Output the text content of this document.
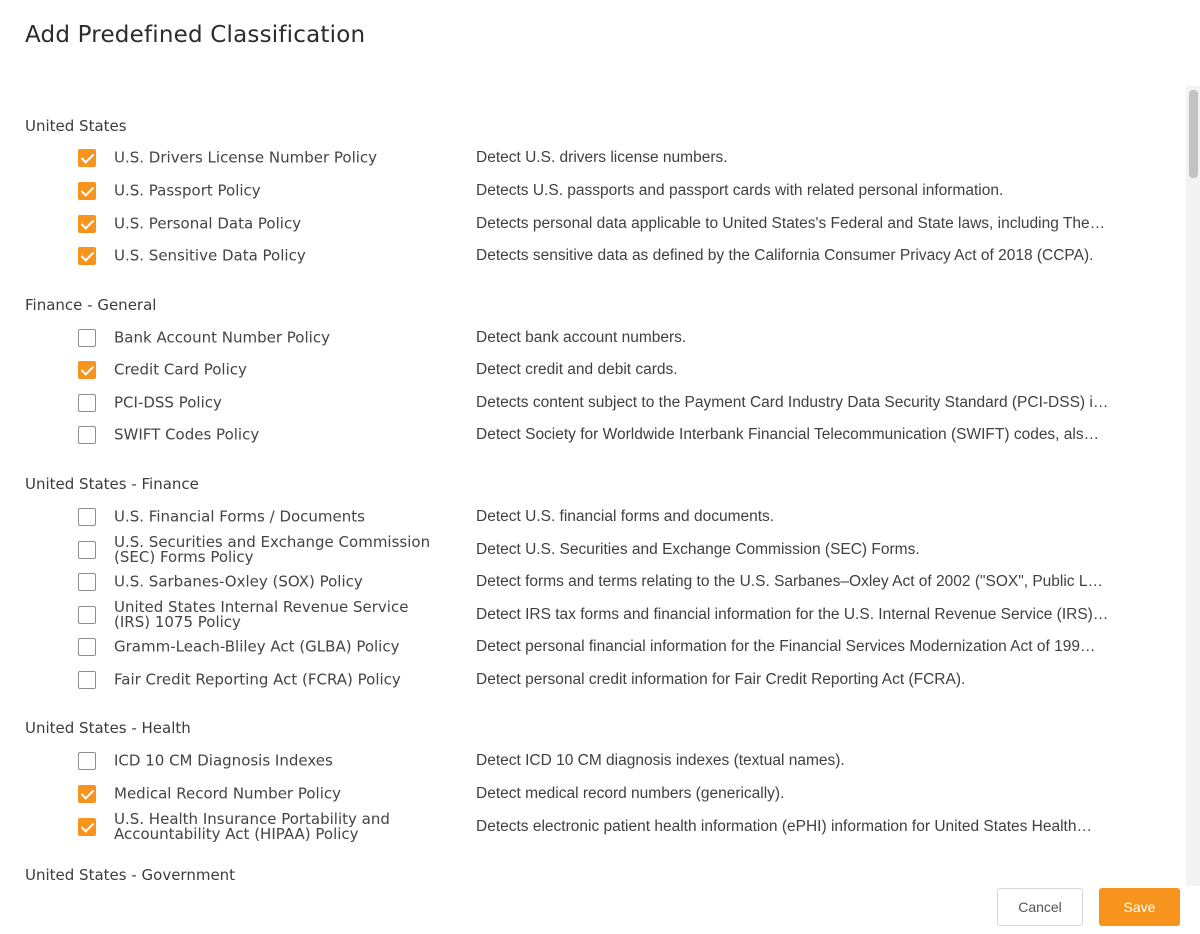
Add Predefined Classification
United States
U.S. Drivers License Number Policy	Detect U.S. drivers license numbers.
U.S. Passport Policy	Detects U.S. passports and passport cards with related personal information.
U.S. Personal Data Policy	Detects personal data applicable to United States's Federal and State laws, including The…
U.S. Sensitive Data Policy	Detects sensitive data as defined by the California Consumer Privacy Act of 2018 (CCPA).
Finance - General
Bank Account Number Policy	Detect bank account numbers.
Credit Card Policy	Detect credit and debit cards.
PCI-DSS Policy	Detects content subject to the Payment Card Industry Data Security Standard (PCI-DSS) i…
SWIFT Codes Policy	Detect Society for Worldwide Interbank Financial Telecommunication (SWIFT) codes, als…
United States - Finance
U.S. Financial Forms / Documents	Detect U.S. financial forms and documents.
U.S. Securities and Exchange Commission (SEC) Forms Policy	Detect U.S. Securities and Exchange Commission (SEC) Forms.
U.S. Sarbanes-Oxley (SOX) Policy	Detect forms and terms relating to the U.S. Sarbanes–Oxley Act of 2002 ("SOX", Public L…
United States Internal Revenue Service (IRS) 1075 Policy	Detect IRS tax forms and financial information for the U.S. Internal Revenue Service (IRS)…
Gramm-Leach-Bliley Act (GLBA) Policy	Detect personal financial information for the Financial Services Modernization Act of 199…
Fair Credit Reporting Act (FCRA) Policy	Detect personal credit information for Fair Credit Reporting Act (FCRA).
United States - Health
ICD 10 CM Diagnosis Indexes	Detect ICD 10 CM diagnosis indexes (textual names).
Medical Record Number Policy	Detect medical record numbers (generically).
U.S. Health Insurance Portability and Accountability Act (HIPAA) Policy	Detects electronic patient health information (ePHI) information for United States Health…
United States - Government
Cancel	Save
